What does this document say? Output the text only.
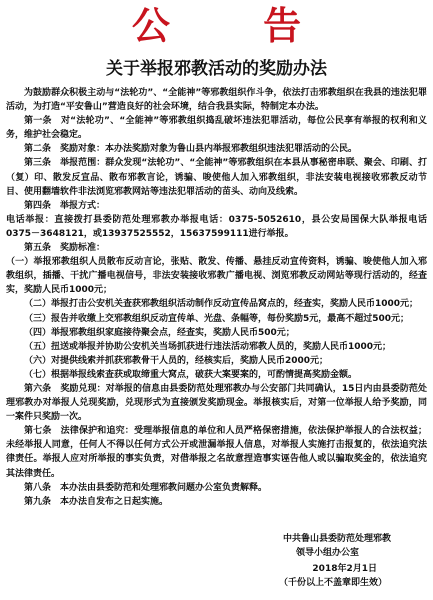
公 告
关于举报邪教活动的奖励办法

为鼓励群众积极主动与“法轮功”、“全能神”等邪教组织作斗争，依法打击邪教组织在我县的违法犯罪活动，为打造“平安鲁山”营造良好的社会环境，结合我县实际，特制定本办法。

第一条　对“法轮功”、“全能神”等邪教组织捣乱破坏违法犯罪活动，每位公民享有举报的权利和义务，维护社会稳定。

第二条　奖励对象：本办法奖励对象为鲁山县内举报邪教组织违法犯罪活动的公民。

第三条　举报范围：群众发现“法轮功”、“全能神”等邪教组织在本县从事秘密串联、聚会、印刷、打（复）印、散发反宣品、散布邪教言论，诱骗、唆使他人加入邪教组织，非法安装电视接收邪教反动节目、使用翻墙软件非法浏览邪教网站等违法犯罪活动的苗头、动向及线索。

第四条　举报方式：

电话举报：直接拨打县委防范处理邪教办举报电话：0375-5052610，县公安局国保大队举报电话0375－3648121，或13937525552，15637599111进行举报。

第五条　奖励标准：

（一）举报邪教组织人员散布反动言论，张贴、散发、传播、悬挂反动宣传资料，诱骗、唆使他人加入邪教组织，插播、干扰广播电视信号，非法安装接收邪教广播电视、浏览邪教反动网站等现行活动的，经查实，奖励人民币1000元；

（二）举报打击公安机关查获邪教组织活动制作反动宣传品窝点的，经查实，奖励人民币1000元；

（三）报告并收缴上交邪教组织反动宣传单、光盘、条幅等，每份奖励5元，最高不超过500元；

（四）举报邪教组织家庭接待聚会点，经查实，奖励人民币500元；

（五）扭送或举报并协助公安机关当场抓获进行违法活动邪教人员的，奖励人民币1000元；

（六）对提供线索并抓获邪教骨干人员的，经核实后，奖励人民币2000元；

（七）根据举报线索查获或取缔重大窝点，破获大案要案的，可酌情提高奖励金额。

第六条　奖励兑现：对举报的信息由县委防范处理邪教办与公安部门共同确认，15日内由县委防范处理邪教办对举报人兑现奖励，兑现形式为直接颁发奖励现金。举报核实后，对第一位举报人给予奖励，同一案件只奖励一次。

第七条　法律保护和追究：受理举报信息的单位和人员严格保密措施，依法保护举报人的合法权益；未经举报人同意，任何人不得以任何方式公开或泄漏举报人信息，对举报人实施打击报复的，依法追究法律责任。举报人应对所举报的事实负责，对借举报之名故意捏造事实诬告他人或以骗取奖金的，依法追究其法律责任。

第八条　本办法由县委防范和处理邪教问题办公室负责解释。

第九条　本办法自发布之日起实施。

中共鲁山县委防范处理邪教
领导小组办公室
2018年2月1日
（千份以上不盖章即生效）
